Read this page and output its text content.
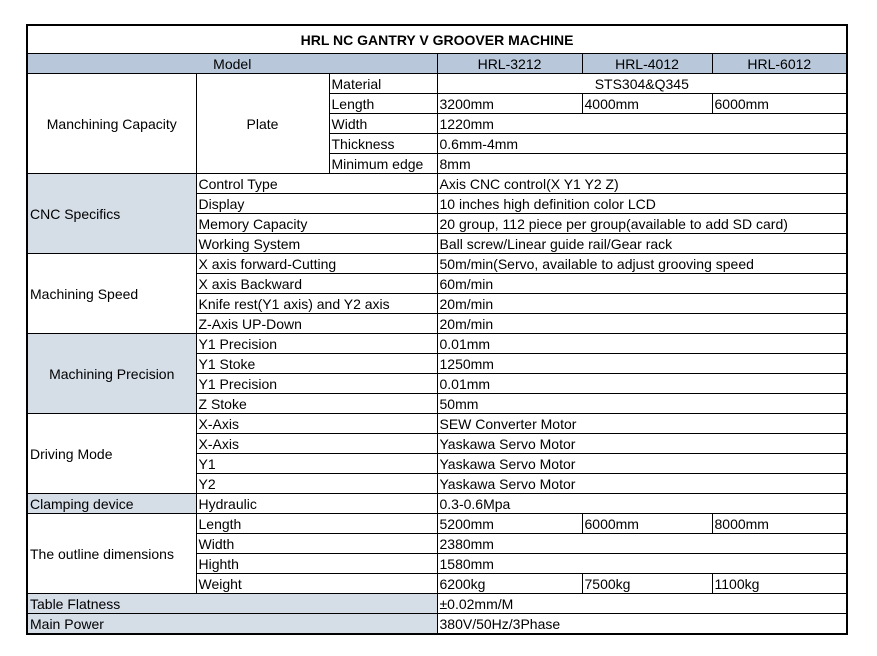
HRL NC GANTRY V GROOVER MACHINE					
Model			HRL-3212	HRL-4012	HRL-6012
Manchining Capacity	Plate	Material	STS304&Q345		
		Length	3200mm	4000mm	6000mm
		Width	1220mm		
		Thickness	0.6mm-4mm		
		Minimum edge	8mm		
CNC Specifics	Control Type		Axis CNC control(X Y1 Y2 Z)		
	Display		10 inches high definition color LCD		
	Memory Capacity		20 group, 112 piece per group(available to add SD card)		
	Working System		Ball screw/Linear guide rail/Gear rack		
Machining Speed	X axis forward-Cutting		50m/min(Servo, available to adjust grooving speed		
	X axis Backward		60m/min		
	Knife rest(Y1 axis) and Y2 axis		20m/min		
	Z-Axis UP-Down		20m/min		
Machining Precision	Y1 Precision		0.01mm		
	Y1 Stoke		1250mm		
	Y1 Precision		0.01mm		
	Z Stoke		50mm		
Driving Mode	X-Axis		SEW Converter Motor		
	X-Axis		Yaskawa Servo Motor		
	Y1		Yaskawa Servo Motor		
	Y2		Yaskawa Servo Motor		
Clamping device	Hydraulic		0.3-0.6Mpa		
The outline dimensions	Length		5200mm	6000mm	8000mm
	Width		2380mm		
	Highth		1580mm		
	Weight		6200kg	7500kg	1100kg
Table Flatness			±0.02mm/M		
Main Power			380V/50Hz/3Phase		
